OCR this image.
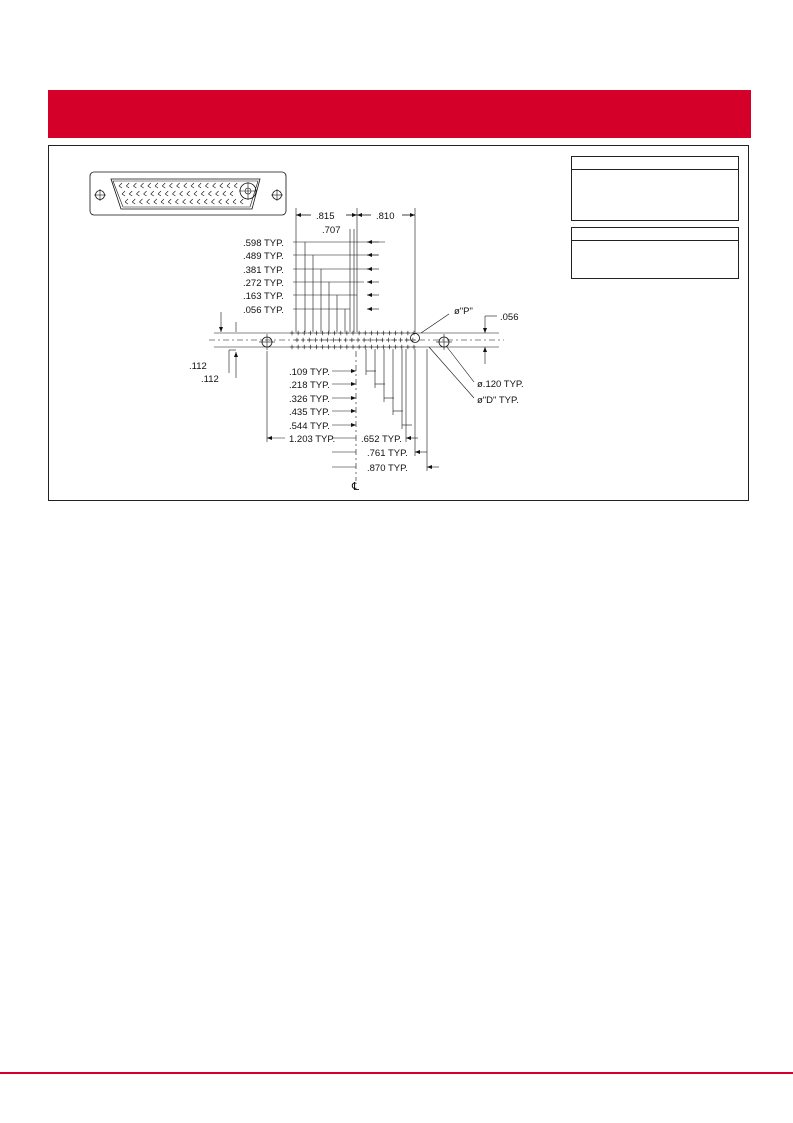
.815	.810
.707
.598 TYP.
.489 TYP.
.381 TYP.
.272 TYP.
.163 TYP.
.056 TYP.
.112
.112
.056
ø"P"
ø.120 TYP.
ø"D" TYP.
.109 TYP.
.218 TYP.
.326 TYP.
.435 TYP.
.544 TYP.
1.203 TYP.	.652 TYP.
.761 TYP.
.870 TYP.
℄
